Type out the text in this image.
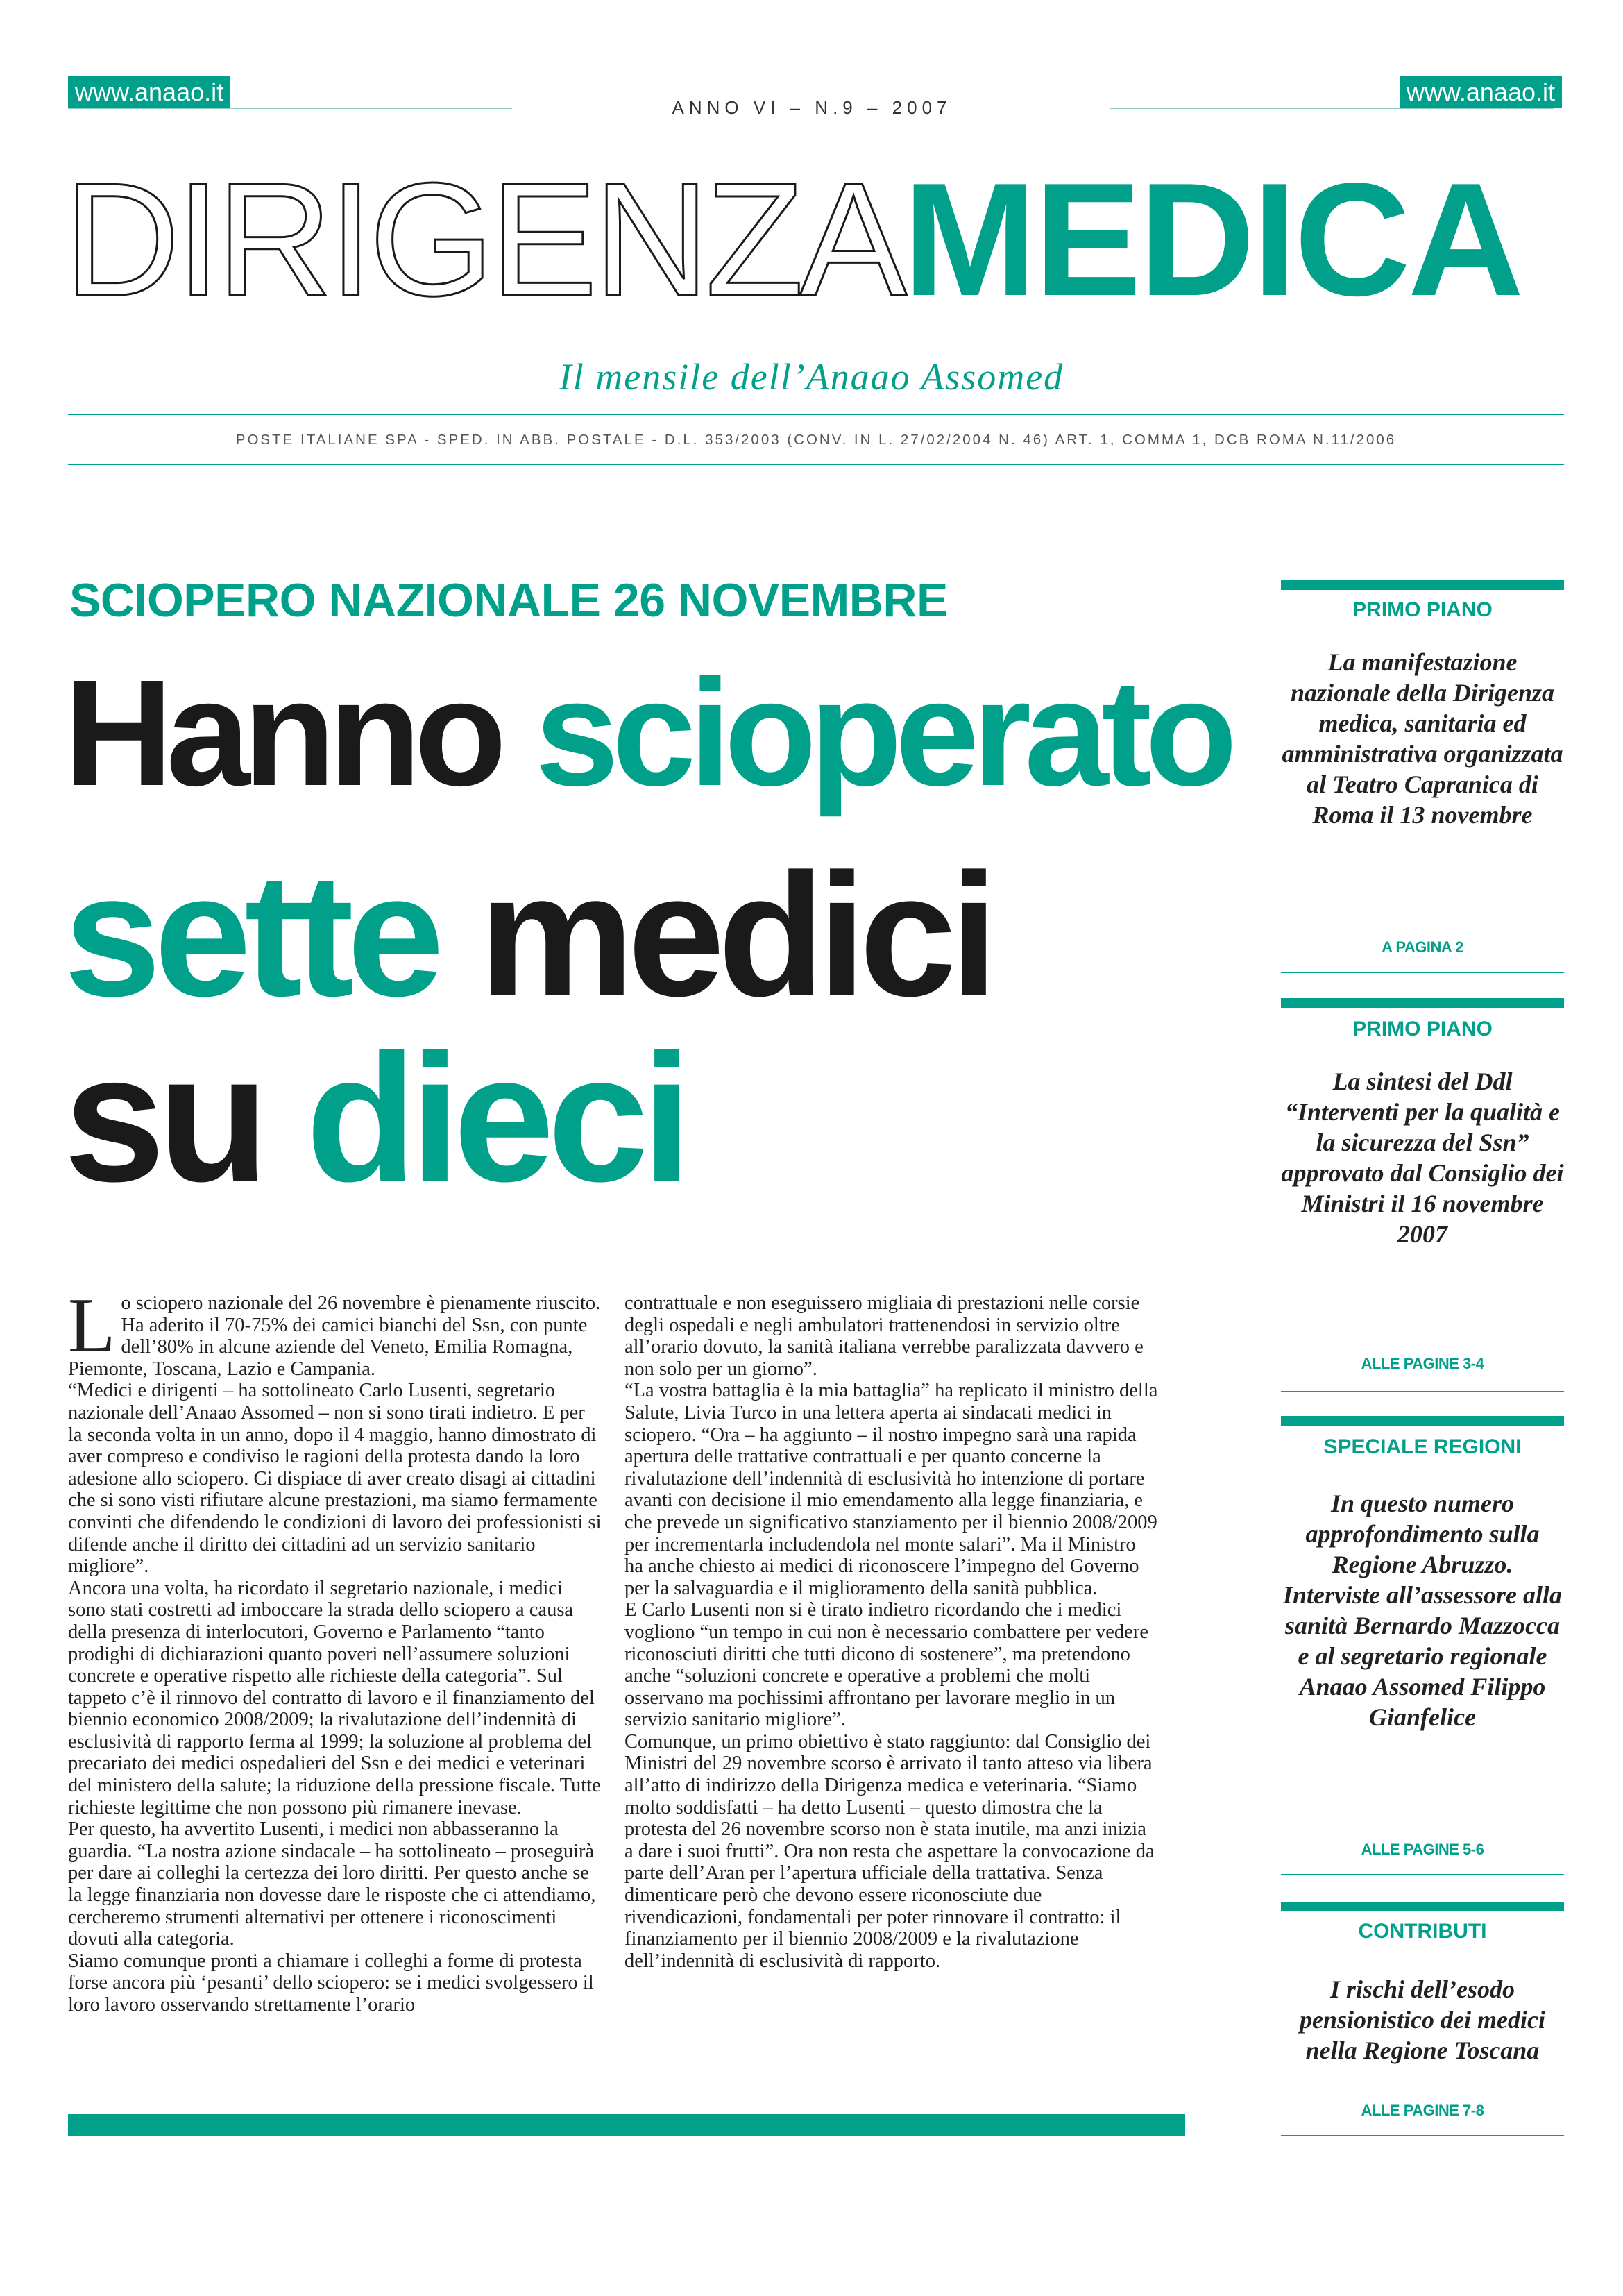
www.anaao.it
ANNO VI – N.9 – 2007
www.anaao.it
DIRIGENZAMEDICA
Il mensile dell’Anaao Assomed
POSTE ITALIANE SPA - SPED. IN ABB. POSTALE - D.L. 353/2003 (CONV. IN L. 27/02/2004 N. 46) ART. 1, COMMA 1, DCB ROMA N.11/2006
SCIOPERO NAZIONALE 26 NOVEMBRE
Hanno scioperato
sette medici
su dieci
L o sciopero nazionale del 26 novembre è pienamente riuscito. Ha aderito il 70-75% dei camici bianchi del Ssn, con punte dell’80% in alcune aziende del Veneto, Emilia Romagna, Piemonte, Toscana, Lazio e Campania.

“Medici e dirigenti – ha sottolineato Carlo Lusenti, segretario nazionale dell’Anaao Assomed – non si sono tirati indietro. E per la seconda volta in un anno, dopo il 4 maggio, hanno dimostrato di aver compreso e condiviso le ragioni della protesta dando la loro adesione allo sciopero. Ci dispiace di aver creato disagi ai cittadini che si sono visti rifiutare alcune prestazioni, ma siamo fermamente convinti che difendendo le condizioni di lavoro dei professionisti si difende anche il diritto dei cittadini ad un servizio sanitario migliore”.

Ancora una volta, ha ricordato il segretario nazionale, i medici sono stati costretti ad imboccare la strada dello sciopero a causa della presenza di interlocutori, Governo e Parlamento “tanto prodighi di dichiarazioni quanto poveri nell’assumere soluzioni concrete e operative rispetto alle richieste della categoria”. Sul tappeto c’è il rinnovo del contratto di lavoro e il finanziamento del biennio economico 2008/2009; la rivalutazione dell’indennità di esclusività di rapporto ferma al 1999; la soluzione al problema del precariato dei medici ospedalieri del Ssn e dei medici e veterinari del ministero della salute; la riduzione della pressione fiscale. Tutte richieste legittime che non possono più rimanere inevase.

Per questo, ha avvertito Lusenti, i medici non abbasseranno la guardia. “La nostra azione sindacale – ha sottolineato – proseguirà per dare ai colleghi la certezza dei loro diritti. Per questo anche se la legge finanziaria non dovesse dare le risposte che ci attendiamo, cercheremo strumenti alternativi per ottenere i riconoscimenti dovuti alla categoria.

Siamo comunque pronti a chiamare i colleghi a forme di protesta forse ancora più ‘pesanti’ dello sciopero: se i medici svolgessero il loro lavoro osservando strettamente l’orario

contrattuale e non eseguissero migliaia di prestazioni nelle corsie degli ospedali e negli ambulatori trattenendosi in servizio oltre all’orario dovuto, la sanità italiana verrebbe paralizzata davvero e non solo per un giorno”.

“La vostra battaglia è la mia battaglia” ha replicato il ministro della Salute, Livia Turco in una lettera aperta ai sindacati medici in sciopero. “Ora – ha aggiunto – il nostro impegno sarà una rapida apertura delle trattative contrattuali e per quanto concerne la rivalutazione dell’indennità di esclusività ho intenzione di portare avanti con decisione il mio emendamento alla legge finanziaria, e che prevede un significativo stanziamento per il biennio 2008/2009 per incrementarla includendola nel monte salari”. Ma il Ministro ha anche chiesto ai medici di riconoscere l’impegno del Governo per la salvaguardia e il miglioramento della sanità pubblica.

E Carlo Lusenti non si è tirato indietro ricordando che i medici vogliono “un tempo in cui non è necessario combattere per vedere riconosciuti diritti che tutti dicono di sostenere”, ma pretendono anche “soluzioni concrete e operative a problemi che molti osservano ma pochissimi affrontano per lavorare meglio in un servizio sanitario migliore”.

Comunque, un primo obiettivo è stato raggiunto: dal Consiglio dei Ministri del 29 novembre scorso è arrivato il tanto atteso via libera all’atto di indirizzo della Dirigenza medica e veterinaria. “Siamo molto soddisfatti – ha detto Lusenti – questo dimostra che la protesta del 26 novembre scorso non è stata inutile, ma anzi inizia a dare i suoi frutti”. Ora non resta che aspettare la convocazione da parte dell’Aran per l’apertura ufficiale della trattativa. Senza dimenticare però che devono essere riconosciute due rivendicazioni, fondamentali per poter rinnovare il contratto: il finanziamento per il biennio 2008/2009 e la rivalutazione dell’indennità di esclusività di rapporto.

PRIMO PIANO
La manifestazione nazionale della Dirigenza medica, sanitaria ed amministrativa organizzata al Teatro Capranica di Roma il 13 novembre
A PAGINA 2
PRIMO PIANO
La sintesi del Ddl “Interventi per la qualità e la sicurezza del Ssn” approvato dal Consiglio dei Ministri il 16 novembre 2007
ALLE PAGINE 3-4
SPECIALE REGIONI
In questo numero approfondimento sulla Regione Abruzzo. Interviste all’assessore alla sanità Bernardo Mazzocca e al segretario regionale Anaao Assomed Filippo Gianfelice
ALLE PAGINE 5-6
CONTRIBUTI
I rischi dell’esodo pensionistico dei medici nella Regione Toscana
ALLE PAGINE 7-8
